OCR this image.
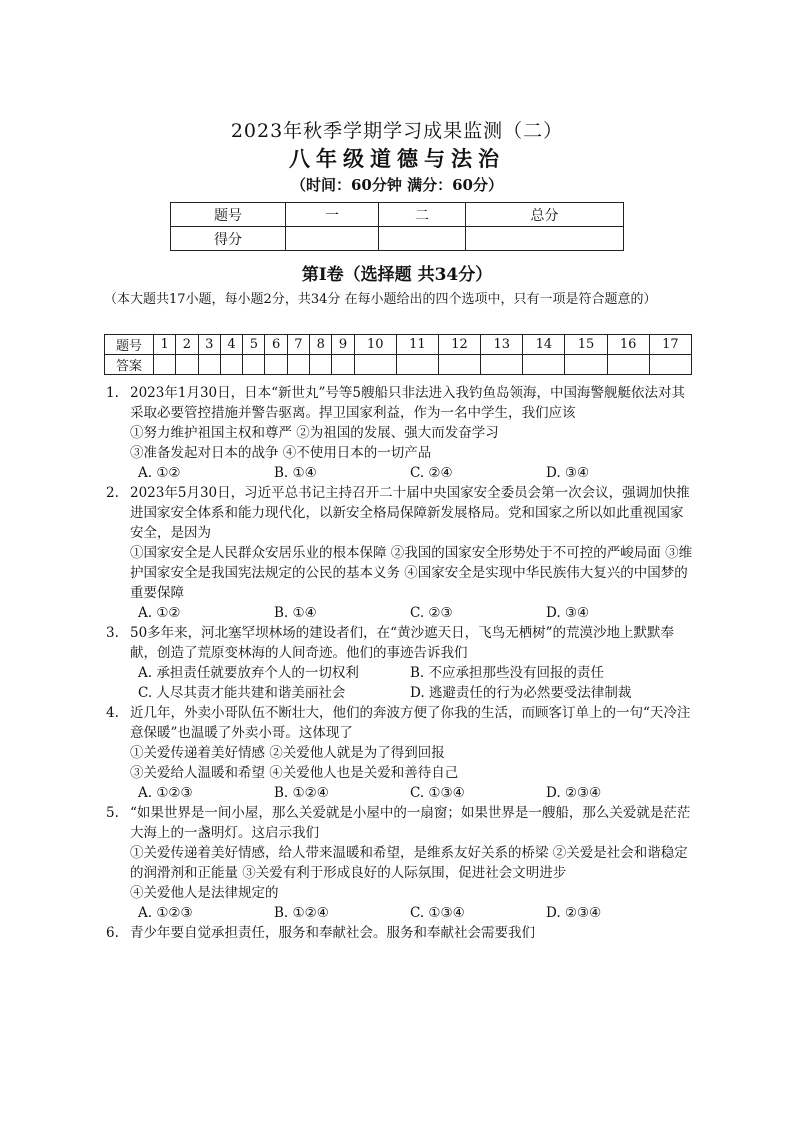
2023年秋季学期学习成果监测（二）
八年级道德与法治
（时间：60分钟 满分：60分）
题号	一	二	总分
得分			
第Ⅰ卷（选择题 共34分）
（本大题共17小题，每小题2分，共34分 在每小题给出的四个选项中，只有一项是符合题意的）
题号	1	2	3	4	5	6	7	8	9	10	11	12	13	14	15	16	17
答案																	
1. 2023年1月30日，日本“新世丸”号等5艘船只非法进入我钓鱼岛领海，中国海警舰艇依法对其采取必要管控措施并警告驱离。捍卫国家利益，作为一名中学生，我们应该
①努力维护祖国主权和尊严 ②为祖国的发展、强大而发奋学习
③准备发起对日本的战争 ④不使用日本的一切产品
A. ①②	B. ①④	C. ②④	D. ③④
2. 2023年5月30日，习近平总书记主持召开二十届中央国家安全委员会第一次会议，强调加快推进国家安全体系和能力现代化，以新安全格局保障新发展格局。党和国家之所以如此重视国家安全，是因为
①国家安全是人民群众安居乐业的根本保障 ②我国的国家安全形势处于不可控的严峻局面 ③维护国家安全是我国宪法规定的公民的基本义务 ④国家安全是实现中华民族伟大复兴的中国梦的重要保障
A. ①②	B. ①④	C. ②③	D. ③④
3. 50多年来，河北塞罕坝林场的建设者们，在“黄沙遮天日，飞鸟无栖树”的荒漠沙地上默默奉献，创造了荒原变林海的人间奇迹。他们的事迹告诉我们
A. 承担责任就要放弃个人的一切权利	B. 不应承担那些没有回报的责任
C. 人尽其责才能共建和谐美丽社会	D. 逃避责任的行为必然要受法律制裁
4. 近几年，外卖小哥队伍不断壮大，他们的奔波方便了你我的生活，而顾客订单上的一句“天冷注意保暖”也温暖了外卖小哥。这体现了
①关爱传递着美好情感 ②关爱他人就是为了得到回报
③关爱给人温暖和希望 ④关爱他人也是关爱和善待自己
A. ①②③	B. ①②④	C. ①③④	D. ②③④
5. “如果世界是一间小屋，那么关爱就是小屋中的一扇窗；如果世界是一艘船，那么关爱就是茫茫大海上的一盏明灯。这启示我们
①关爱传递着美好情感，给人带来温暖和希望，是维系友好关系的桥梁 ②关爱是社会和谐稳定的润滑剂和正能量 ③关爱有利于形成良好的人际氛围，促进社会文明进步
④关爱他人是法律规定的
A. ①②③	B. ①②④	C. ①③④	D. ②③④
6. 青少年要自觉承担责任，服务和奉献社会。服务和奉献社会需要我们
